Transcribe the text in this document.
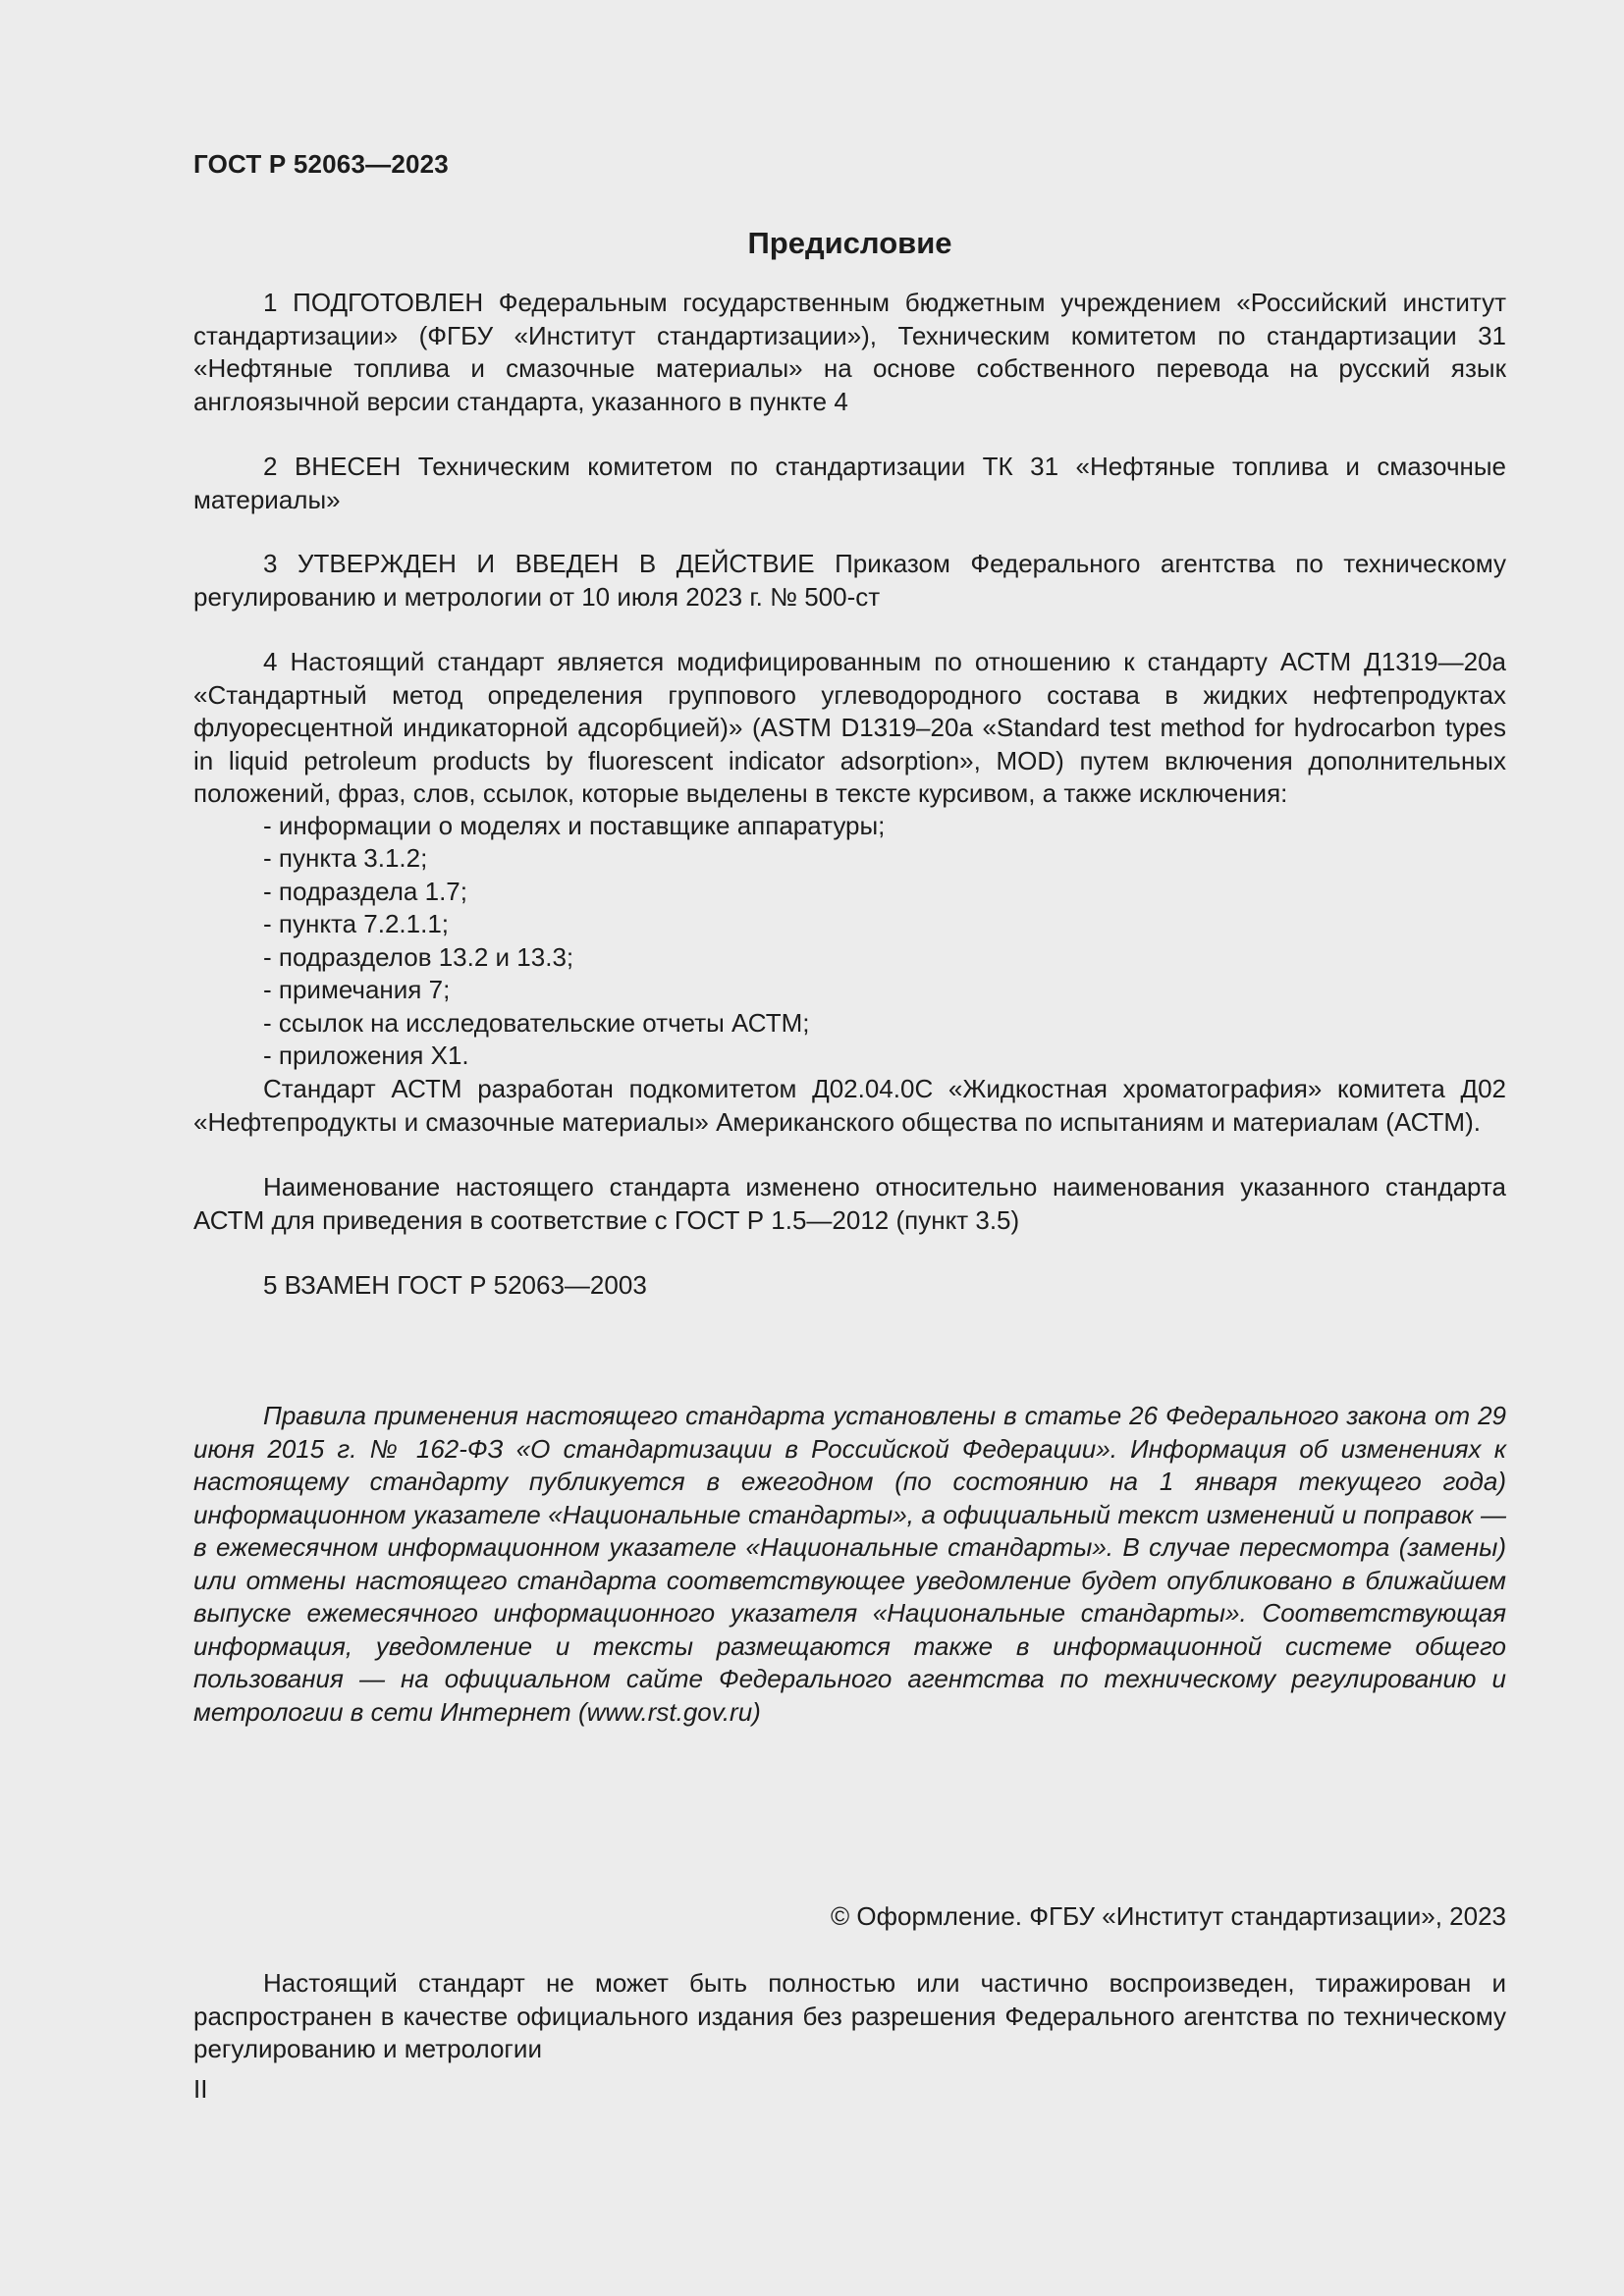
ГОСТ Р 52063—2023
Предисловие

1 ПОДГОТОВЛЕН Федеральным государственным бюджетным учреждением «Российский институт стандартизации» (ФГБУ «Институт стандартизации»), Техническим комитетом по стандартизации 31 «Нефтяные топлива и смазочные материалы» на основе собственного перевода на русский язык англоязычной версии стандарта, указанного в пункте 4

2 ВНЕСЕН Техническим комитетом по стандартизации ТК 31 «Нефтяные топлива и смазочные материалы»

3 УТВЕРЖДЕН И ВВЕДЕН В ДЕЙСТВИЕ Приказом Федерального агентства по техническому регулированию и метрологии от 10 июля 2023 г. № 500-ст

4 Настоящий стандарт является модифицированным по отношению к стандарту АСТМ Д1319—20а «Стандартный метод определения группового углеводородного состава в жидких нефтепродуктах флуоресцентной индикаторной адсорбцией)» (ASTM D1319–20a «Standard test method for hydrocarbon types in liquid petroleum products by fluorescent indicator adsorption», MOD) путем включения дополнительных положений, фраз, слов, ссылок, которые выделены в тексте курсивом, а также исключения:

- информации о моделях и поставщике аппаратуры;

- пункта 3.1.2;

- подраздела 1.7;

- пункта 7.2.1.1;

- подразделов 13.2 и 13.3;

- примечания 7;

- ссылок на исследовательские отчеты АСТМ;

- приложения Х1.

Стандарт АСТМ разработан подкомитетом Д02.04.0С «Жидкостная хроматография» комитета Д02 «Нефтепродукты и смазочные материалы» Американского общества по испытаниям и материалам (АСТМ).

Наименование настоящего стандарта изменено относительно наименования указанного стандарта АСТМ для приведения в соответствие с ГОСТ Р 1.5—2012 (пункт 3.5)

5 ВЗАМЕН ГОСТ Р 52063—2003

Правила применения настоящего стандарта установлены в статье 26 Федерального закона от 29 июня 2015 г. № 162-ФЗ «О стандартизации в Российской Федерации». Информация об изменениях к настоящему стандарту публикуется в ежегодном (по состоянию на 1 января текущего года) информационном указателе «Национальные стандарты», а официальный текст изменений и поправок — в ежемесячном информационном указателе «Национальные стандарты». В случае пересмотра (замены) или отмены настоящего стандарта соответствующее уведомление будет опубликовано в ближайшем выпуске ежемесячного информационного указателя «Национальные стандарты». Соответствующая информация, уведомление и тексты размещаются также в информационной системе общего пользования — на официальном сайте Федерального агентства по техническому регулированию и метрологии в сети Интернет (www.rst.gov.ru)

© Оформление. ФГБУ «Институт стандартизации», 2023

Настоящий стандарт не может быть полностью или частично воспроизведен, тиражирован и распространен в качестве официального издания без разрешения Федерального агентства по техническому регулированию и метрологии

II
